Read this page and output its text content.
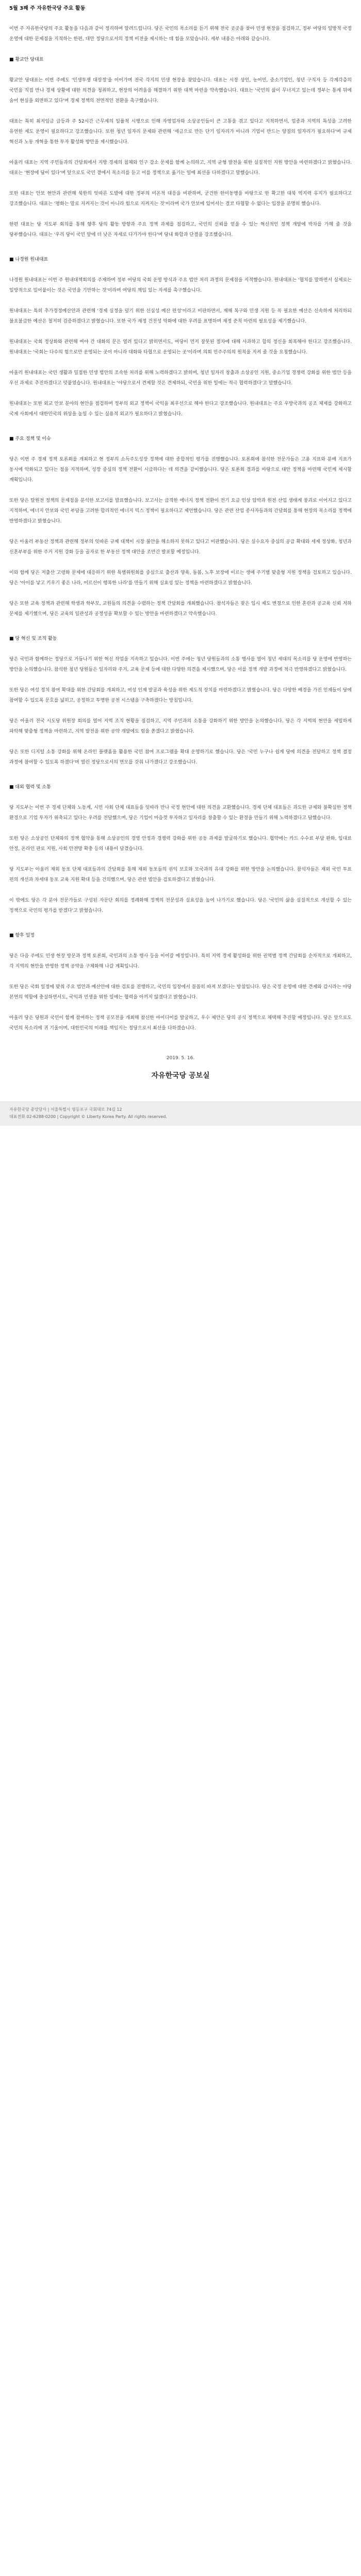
5월 3째 주 자유한국당 주요 활동

이번 주 자유한국당의 주요 활동을 다음과 같이 정리하여 알려드립니다. 당은 국민의 목소리를 듣기 위해 전국 곳곳을 찾아 민생 현장을 점검하고, 정부 여당의 일방적 국정 운영에 대한 문제점을 지적하는 한편, 대안 정당으로서의 정책 비전을 제시하는 데 힘을 모았습니다. 세부 내용은 아래와 같습니다.

■ 황교안 당대표

황교안 당대표는 이번 주에도 '민생투쟁 대장정'을 이어가며 전국 각지의 민생 현장을 찾았습니다. 대표는 시장 상인, 농어민, 중소기업인, 청년 구직자 등 각계각층의 국민을 직접 만나 경제 상황에 대한 의견을 청취하고, 현장의 어려움을 해결하기 위한 대책 마련을 약속했습니다. 대표는 '국민의 삶이 무너지고 있는데 정부는 통계 뒤에 숨어 현실을 외면하고 있다'며 경제 정책의 전면적인 전환을 촉구했습니다.

대표는 특히 최저임금 급등과 주 52시간 근무제의 일률적 시행으로 인해 자영업자와 소상공인들이 큰 고통을 겪고 있다고 지적하면서, 업종과 지역의 특성을 고려한 유연한 제도 운영이 필요하다고 강조했습니다. 또한 청년 일자리 문제와 관련해 '세금으로 만든 단기 일자리가 아니라 기업이 만드는 양질의 일자리가 필요하다'며 규제 혁신과 노동 개혁을 통한 투자 활성화 방안을 제시했습니다.

아울러 대표는 지역 주민들과의 간담회에서 지방 경제의 침체와 인구 감소 문제를 함께 논의하고, 지역 균형 발전을 위한 실질적인 지원 방안을 마련하겠다고 밝혔습니다. 대표는 '현장에 답이 있다'며 앞으로도 국민 곁에서 목소리를 듣고 이를 정책으로 옮기는 일에 최선을 다하겠다고 말했습니다.

또한 대표는 안보 현안과 관련해 북한의 잇따른 도발에 대한 정부의 미온적 대응을 비판하며, 굳건한 한미동맹을 바탕으로 한 확고한 대북 억지력 유지가 필요하다고 강조했습니다. 대표는 '평화는 말로 지켜지는 것이 아니라 힘으로 지켜지는 것'이라며 국가 안보에 있어서는 결코 타협할 수 없다는 입장을 분명히 했습니다.

한편 대표는 당 지도부 회의를 통해 향후 당의 활동 방향과 주요 정책 과제를 점검하고, 국민의 신뢰를 얻을 수 있는 혁신적인 정책 개발에 박차를 가해 줄 것을 당부했습니다. 대표는 '우리 당이 국민 앞에 더 낮은 자세로 다가가야 한다'며 당내 화합과 단결을 강조했습니다.

■ 나경원 원내대표

나경원 원내대표는 이번 주 원내대책회의를 주재하며 정부 여당의 국회 운영 방식과 주요 법안 처리 과정의 문제점을 지적했습니다. 원내대표는 '협치를 말하면서 실제로는 일방적으로 밀어붙이는 것은 국민을 기만하는 것'이라며 여당의 책임 있는 자세를 촉구했습니다.

원내대표는 특히 추가경정예산안과 관련해 '경제 실정을 덮기 위한 선심성 예산 편성'이라고 비판하면서, 재해 복구와 민생 지원 등 꼭 필요한 예산은 신속하게 처리하되 불요불급한 예산은 철저히 검증하겠다고 밝혔습니다. 또한 국가 재정 건전성 악화에 대한 우려를 표명하며 재정 준칙 마련의 필요성을 제기했습니다.

원내대표는 국회 정상화와 관련해 여야 간 대화의 문은 열려 있다고 밝히면서도, 여당이 먼저 잘못된 절차에 대해 사과하고 합의 정신을 회복해야 한다고 강조했습니다. 원내대표는 '국회는 다수의 힘으로만 운영되는 곳이 아니라 대화와 타협으로 운영되는 곳'이라며 의회 민주주의의 원칙을 지켜 줄 것을 요청했습니다.

아울러 원내대표는 국민 생활과 밀접한 민생 법안의 조속한 처리를 위해 노력하겠다고 밝히며, 청년 일자리 창출과 소상공인 지원, 중소기업 경쟁력 강화를 위한 법안 등을 우선 과제로 추진하겠다고 덧붙였습니다. 원내대표는 '야당으로서 견제할 것은 견제하되, 국민을 위한 일에는 적극 협력하겠다'고 말했습니다.

원내대표는 또한 외교 안보 분야의 현안을 점검하며 정부의 외교 정책이 국익을 최우선으로 해야 한다고 강조했습니다. 원내대표는 주요 우방국과의 공조 체제를 강화하고 국제 사회에서 대한민국의 위상을 높일 수 있는 실용적 외교가 필요하다고 밝혔습니다.

■ 주요 정책 및 이슈

당은 이번 주 경제 정책 토론회를 개최하고 현 정부의 소득주도성장 정책에 대한 종합적인 평가를 진행했습니다. 토론회에 참석한 전문가들은 고용 지표와 분배 지표가 동시에 악화되고 있다는 점을 지적하며, 성장 중심의 정책 전환이 시급하다는 데 의견을 같이했습니다. 당은 토론회 결과를 바탕으로 대안 정책을 마련해 국민께 제시할 계획입니다.

또한 당은 탈원전 정책의 문제점을 분석한 보고서를 발표했습니다. 보고서는 급격한 에너지 정책 전환이 전기 요금 인상 압박과 원전 산업 생태계 붕괴로 이어지고 있다고 지적하며, 에너지 안보와 국민 부담을 고려한 합리적인 에너지 믹스 정책이 필요하다고 제언했습니다. 당은 관련 산업 종사자들과의 간담회를 통해 현장의 목소리를 정책에 반영하겠다고 밝혔습니다.

당은 아울러 부동산 정책과 관련해 정부의 잇따른 규제 대책이 시장 불안을 해소하지 못하고 있다고 비판했습니다. 당은 실수요자 중심의 공급 확대와 세제 정상화, 청년과 신혼부부를 위한 주거 지원 강화 등을 골자로 한 부동산 정책 대안을 조만간 발표할 예정입니다.

이와 함께 당은 저출산 고령화 문제에 대응하기 위한 특별위원회를 중심으로 출산과 양육, 돌봄, 노후 보장에 이르는 생애 주기별 맞춤형 지원 정책을 검토하고 있습니다. 당은 '아이를 낳고 키우기 좋은 나라, 어르신이 행복한 나라'를 만들기 위해 실효성 있는 정책을 마련하겠다고 밝혔습니다.

당은 또한 교육 정책과 관련해 학생과 학부모, 교원들의 의견을 수렴하는 정책 간담회를 개최했습니다. 참석자들은 잦은 입시 제도 변경으로 인한 혼란과 공교육 신뢰 저하 문제를 제기했으며, 당은 교육의 일관성과 공정성을 확보할 수 있는 방안을 마련하겠다고 약속했습니다.

■ 당 혁신 및 조직 활동

당은 국민과 함께하는 정당으로 거듭나기 위한 혁신 작업을 지속하고 있습니다. 이번 주에는 청년 당원들과의 소통 행사를 열어 청년 세대의 목소리를 당 운영에 반영하는 방안을 논의했습니다. 참석한 청년 당원들은 일자리와 주거, 교육 문제 등에 대한 다양한 의견을 제시했으며, 당은 이를 정책 개발 과정에 적극 반영하겠다고 밝혔습니다.

또한 당은 여성 정치 참여 확대를 위한 간담회를 개최하고, 여성 인재 발굴과 육성을 위한 제도적 장치를 마련하겠다고 밝혔습니다. 당은 다양한 배경을 가진 인재들이 당에 참여할 수 있도록 문호를 넓히고, 공정하고 투명한 공천 시스템을 구축하겠다는 방침입니다.

당은 아울러 전국 시도당 위원장 회의를 열어 지역 조직 현황을 점검하고, 지역 주민과의 소통을 강화하기 위한 방안을 논의했습니다. 당은 각 지역의 현안을 세밀하게 파악해 맞춤형 정책을 마련하고, 지역 발전을 위한 공약 개발에도 힘을 쏟겠다고 밝혔습니다.

당은 또한 디지털 소통 강화를 위해 온라인 플랫폼을 활용한 국민 참여 프로그램을 확대 운영하기로 했습니다. 당은 '국민 누구나 쉽게 당에 의견을 전달하고 정책 결정 과정에 참여할 수 있도록 하겠다'며 열린 정당으로서의 면모를 갖춰 나가겠다고 강조했습니다.

■ 대외 협력 및 소통

당 지도부는 이번 주 경제 단체와 노동계, 시민 사회 단체 대표들을 잇따라 만나 국정 현안에 대한 의견을 교환했습니다. 경제 단체 대표들은 과도한 규제와 불확실한 정책 환경으로 기업 투자가 위축되고 있다는 우려를 전달했으며, 당은 기업이 마음껏 투자하고 일자리를 창출할 수 있는 환경을 만들기 위해 노력하겠다고 답했습니다.

또한 당은 소상공인 단체와의 정책 협약을 통해 소상공인의 경영 안정과 경쟁력 강화를 위한 공동 과제를 발굴하기로 했습니다. 협약에는 카드 수수료 부담 완화, 임대료 안정, 온라인 판로 지원, 사회 안전망 확충 등의 내용이 담겼습니다.

당 지도부는 아울러 재외 동포 단체 대표들과의 간담회를 통해 재외 동포들의 권익 보호와 모국과의 유대 강화를 위한 방안을 논의했습니다. 참석자들은 재외 국민 투표 편의 개선과 차세대 동포 교육 지원 확대 등을 건의했으며, 당은 관련 법안을 검토하겠다고 밝혔습니다.

이 밖에도 당은 각 분야 전문가들로 구성된 자문단 회의를 정례화해 정책의 전문성과 실효성을 높여 나가기로 했습니다. 당은 '국민의 삶을 실질적으로 개선할 수 있는 정책으로 국민의 평가를 받겠다'고 밝혔습니다.

■ 향후 일정

당은 다음 주에도 민생 현장 방문과 정책 토론회, 국민과의 소통 행사 등을 이어갈 예정입니다. 특히 지역 경제 활성화를 위한 권역별 정책 간담회를 순차적으로 개최하고, 각 지역의 현안을 반영한 정책 공약을 구체화해 나갈 계획입니다.

또한 당은 국회 일정에 맞춰 주요 법안과 예산안에 대한 검토를 진행하고, 국민의 입장에서 꼼꼼히 따져 보겠다는 방침입니다. 당은 국정 운영에 대한 견제와 감시라는 야당 본연의 역할에 충실하면서도, 국익과 민생을 위한 일에는 협력을 아끼지 않겠다고 밝혔습니다.

아울러 당은 당원과 국민이 함께 참여하는 정책 공모전을 개최해 참신한 아이디어를 발굴하고, 우수 제안은 당의 공식 정책으로 채택해 추진할 예정입니다. 당은 앞으로도 국민의 목소리에 귀 기울이며, 대한민국의 미래를 책임지는 정당으로서 최선을 다하겠습니다.

2019. 5. 16.
자유한국당 공보실
자유한국당 중앙당사 | 서울특별시 영등포구 국회대로 74길 12
대표전화 02-6288-0200 | Copyright © Liberty Korea Party. All rights reserved.
